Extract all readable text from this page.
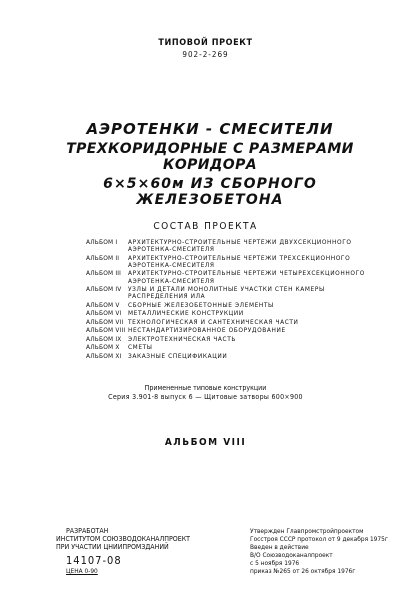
ТИПОВОЙ ПРОЕКТ
902-2-269
АЭРОТЕНКИ - СМЕСИТЕЛИ
ТРЕХКОРИДОРНЫЕ С РАЗМЕРАМИ КОРИДОРА
6×5×60м ИЗ СБОРНОГО ЖЕЛЕЗОБЕТОНА
СОСТАВ ПРОЕКТА
АЛЬБОМ I	АРХИТЕКТУРНО-СТРОИТЕЛЬНЫЕ ЧЕРТЕЖИ ДВУХСЕКЦИОННОГО АЭРОТЕНКА-СМЕСИТЕЛЯ
АЛЬБОМ II	АРХИТЕКТУРНО-СТРОИТЕЛЬНЫЕ ЧЕРТЕЖИ ТРЕХСЕКЦИОННОГО АЭРОТЕНКА-СМЕСИТЕЛЯ
АЛЬБОМ III	АРХИТЕКТУРНО-СТРОИТЕЛЬНЫЕ ЧЕРТЕЖИ ЧЕТЫРЕХСЕКЦИОННОГО АЭРОТЕНКА-СМЕСИТЕЛЯ
АЛЬБОМ IV	УЗЛЫ И ДЕТАЛИ МОНОЛИТНЫЕ УЧАСТКИ СТЕН КАМЕРЫ РАСПРЕДЕЛЕНИЯ ИЛА
АЛЬБОМ V	СБОРНЫЕ ЖЕЛЕЗОБЕТОННЫЕ ЭЛЕМЕНТЫ
АЛЬБОМ VI	МЕТАЛЛИЧЕСКИЕ КОНСТРУКЦИИ
АЛЬБОМ VII ТЕХНОЛОГИЧЕСКАЯ И САНТЕХНИЧЕСКАЯ ЧАСТИ
АЛЬБОМ VIII НЕСТАНДАРТИЗИРОВАННОЕ ОБОРУДОВАНИЕ
АЛЬБОМ IX	ЭЛЕКТРОТЕХНИЧЕСКАЯ ЧАСТЬ
АЛЬБОМ X	СМЕТЫ
АЛЬБОМ XI	ЗАКАЗНЫЕ СПЕЦИФИКАЦИИ
Примененные типовые конструкции
Серия 3.901-8 выпуск 6 — Щитовые затворы 600×900
АЛЬБОМ VIII
РАЗРАБОТАН
ИНСТИТУТОМ СОЮЗВОДОКАНАЛПРОЕКТ
ПРИ УЧАСТИИ ЦНИИПРОМЗДАНИЙ
14107-08
ЦЕНА 0-90
Утвержден Главпромстройпроектом
Госстроя СССР протокол от 9 декабря 1975г
Введен в действие
В/О Союзводоканалпроект
с 5 ноября 1976
приказ №265 от 26 октября 1976г
